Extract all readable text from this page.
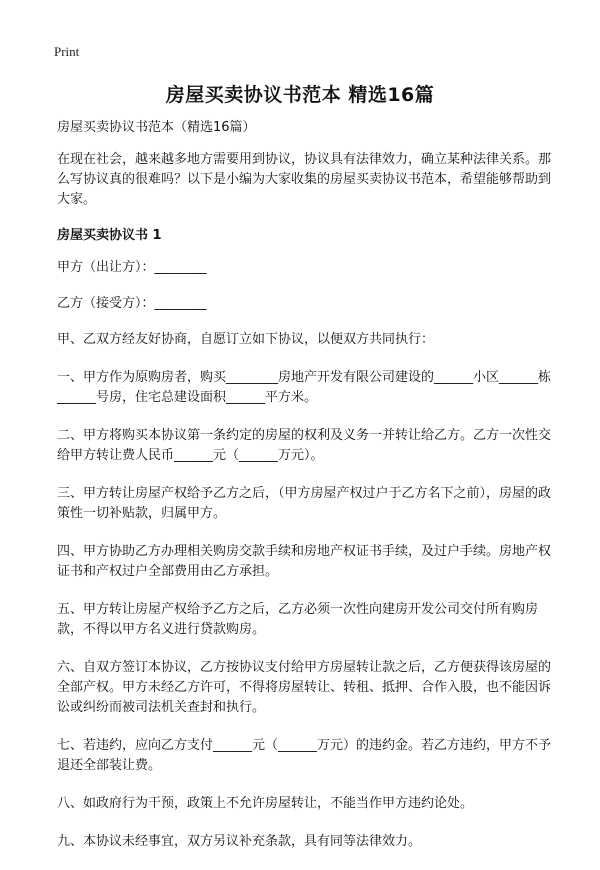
Print
房屋买卖协议书范本 精选16篇

房屋买卖协议书范本（精选16篇）

在现在社会，越来越多地方需要用到协议，协议具有法律效力，确立某种法律关系。那么写协议真的很难吗？以下是小编为大家收集的房屋买卖协议书范本，希望能够帮助到大家。

房屋买卖协议书 1

甲方（出让方）：________

乙方（接受方）：________

甲、乙双方经友好协商，自愿订立如下协议，以便双方共同执行：

一、甲方作为原购房者，购买________房地产开发有限公司建设的______小区______栋______号房，住宅总建设面积______平方米。

二、甲方将购买本协议第一条约定的房屋的权利及义务一并转让给乙方。乙方一次性交给甲方转让费人民币______元（______万元）。

三、甲方转让房屋产权给予乙方之后，（甲方房屋产权过户于乙方名下之前），房屋的政策性一切补贴款，归属甲方。

四、甲方协助乙方办理相关购房交款手续和房地产权证书手续，及过户手续。房地产权证书和产权过户全部费用由乙方承担。

五、甲方转让房屋产权给予乙方之后，乙方必须一次性向建房开发公司交付所有购房款，不得以甲方名义进行贷款购房。

六、自双方签订本协议，乙方按协议支付给甲方房屋转让款之后，乙方便获得该房屋的 全部产权。甲方未经乙方许可，不得将房屋转让、转租、抵押、合作入股，也不能因诉讼或纠纷而被司法机关查封和执行。

七、若违约，应向乙方支付______元（______万元）的违约金。若乙方违约，甲方不予退还全部装让费。

八、如政府行为干预，政策上不允许房屋转让，不能当作甲方违约论处。

九、本协议未经事宜，双方另议补充条款，具有同等法律效力。
